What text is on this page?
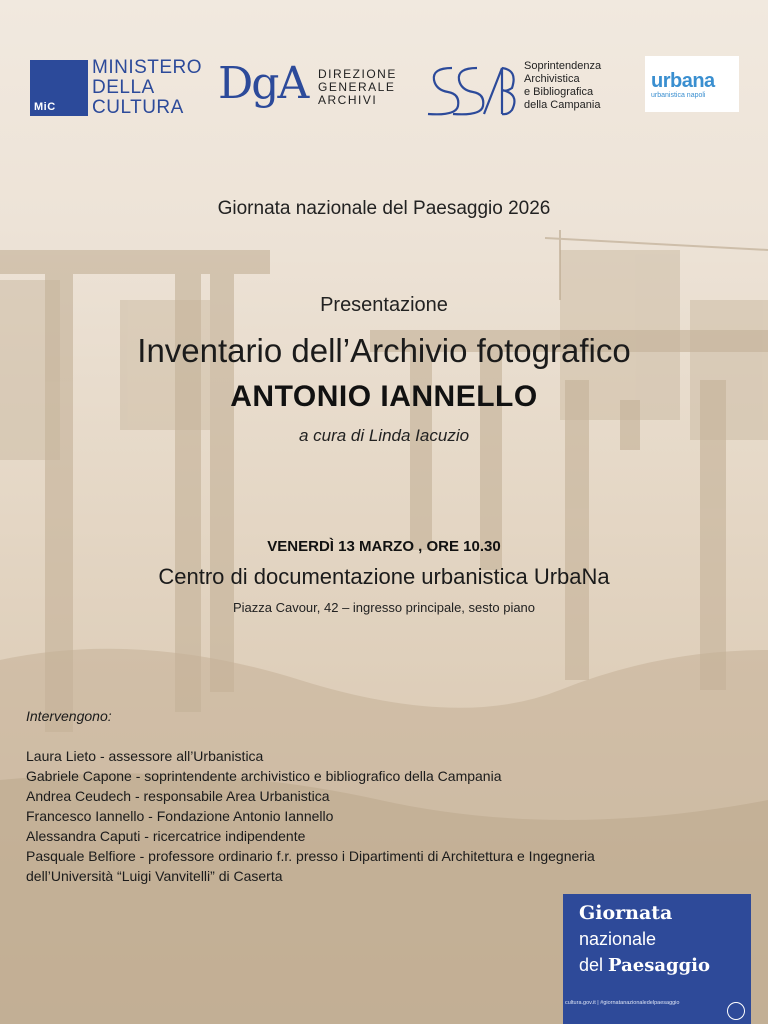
MiC
MINISTERO
DELLA
CULTURA DgA DIREZIONE
GENERALE
ARCHIVI
Soprintendenza
Archivistica
e Bibliografica
della Campania
urbana
urbanistica napoli
Giornata nazionale del Paesaggio 2026
Presentazione
Inventario dell’Archivio fotografico
ANTONIO IANNELLO
a cura di Linda Iacuzio
VENERDÌ 13 MARZO , ORE 10.30
Centro di documentazione urbanistica UrbaNa
Piazza Cavour, 42 – ingresso principale, sesto piano
Intervengono:
Laura Lieto - assessore all’Urbanistica
Gabriele Capone - soprintendente archivistico e bibliografico della Campania
Andrea Ceudech - responsabile Area Urbanistica
Francesco Iannello - Fondazione Antonio Iannello
Alessandra Caputi - ricercatrice indipendente
Pasquale Belfiore - professore ordinario f.r. presso i Dipartimenti di Architettura e Ingegneria
dell’Università “Luigi Vanvitelli” di Caserta
Giornata
nazionale
del Paesaggio
cultura.gov.it | #giornatanazionaledelpaesaggio
